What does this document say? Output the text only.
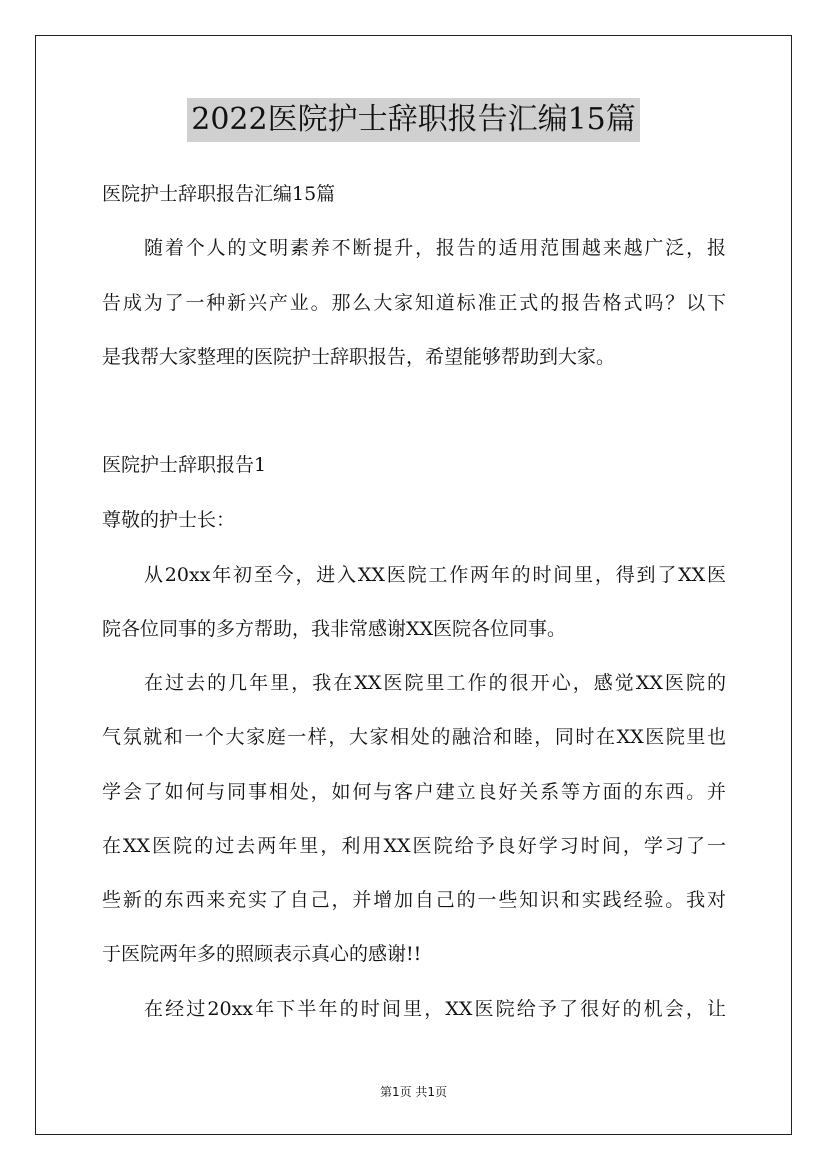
2022医院护士辞职报告汇编15篇
医院护士辞职报告汇编15篇
随着个人的文明素养不断提升，报告的适用范围越来越广泛，报
告成为了一种新兴产业。那么大家知道标准正式的报告格式吗？以下
是我帮大家整理的医院护士辞职报告，希望能够帮助到大家。
医院护士辞职报告1
尊敬的护士长：
从20xx年初至今，进入XX医院工作两年的时间里，得到了XX医
院各位同事的多方帮助，我非常感谢XX医院各位同事。
在过去的几年里，我在XX医院里工作的很开心，感觉XX医院的
气氛就和一个大家庭一样，大家相处的融洽和睦，同时在XX医院里也
学会了如何与同事相处，如何与客户建立良好关系等方面的东西。并
在XX医院的过去两年里，利用XX医院给予良好学习时间，学习了一
些新的东西来充实了自己，并增加自己的一些知识和实践经验。我对
于医院两年多的照顾表示真心的感谢!!
在经过20xx年下半年的时间里，XX医院给予了很好的机会，让
第1页 共1页
